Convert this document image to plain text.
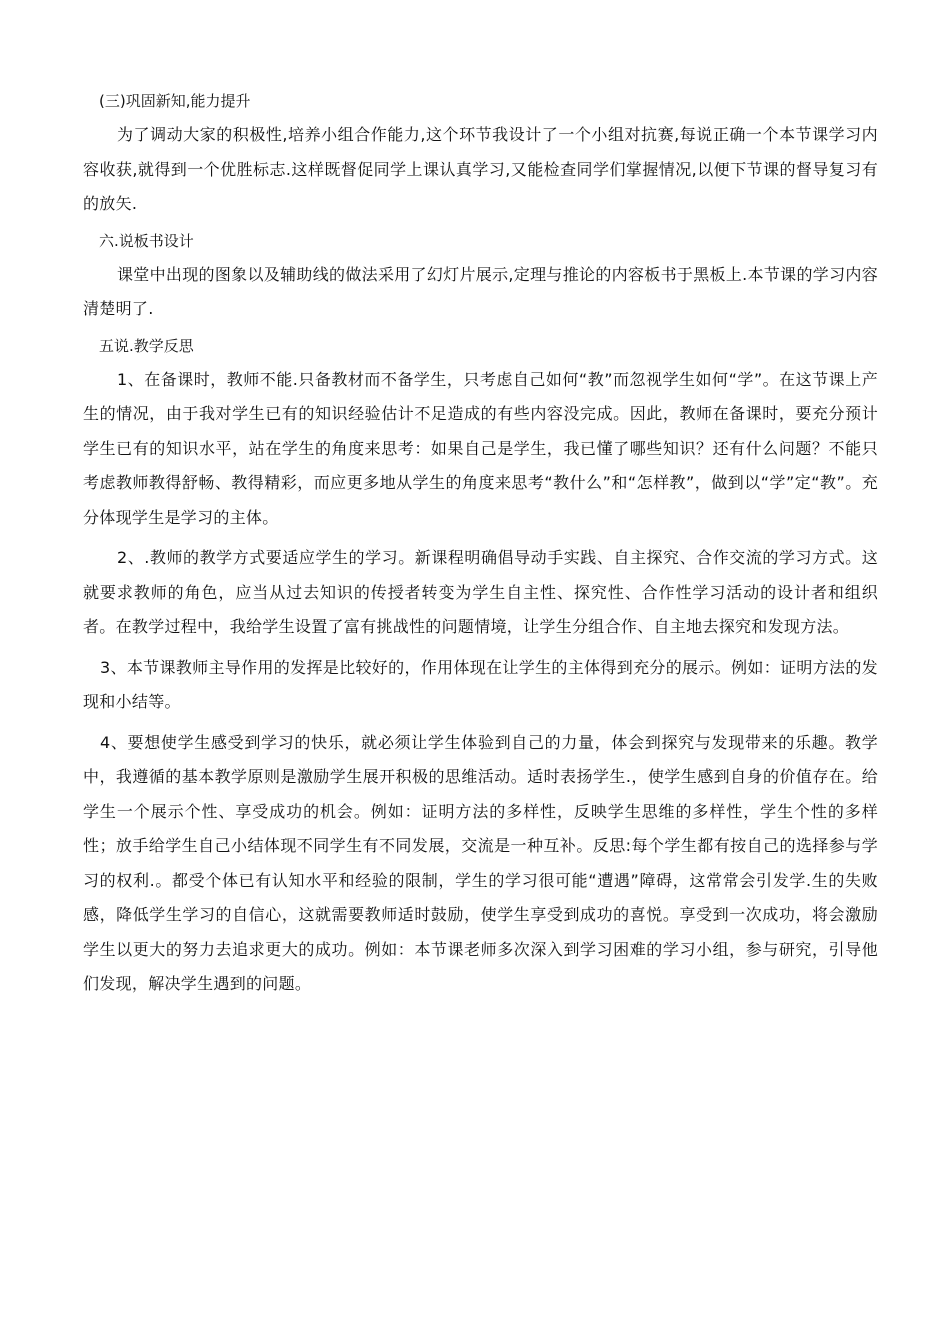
(三)巩固新知,能力提升

为了调动大家的积极性,培养小组合作能力,这个环节我设计了一个小组对抗赛,每说正确一个本节课学习内容收获,就得到一个优胜标志.这样既督促同学上课认真学习,又能检查同学们掌握情况,以便下节课的督导复习有的放矢.

六.说板书设计

课堂中出现的图象以及辅助线的做法采用了幻灯片展示,定理与推论的内容板书于黑板上.本节课的学习内容清楚明了.

五说.教学反思

1、在备课时，教师不能.只备教材而不备学生，只考虑自己如何“教”而忽视学生如何“学”。在这节课上产生的情况，由于我对学生已有的知识经验估计不足造成的有些内容没完成。因此，教师在备课时，要充分预计学生已有的知识水平，站在学生的角度来思考：如果自己是学生，我已懂了哪些知识？还有什么问题？不能只考虑教师教得舒畅、教得精彩，而应更多地从学生的角度来思考“教什么”和“怎样教”，做到以“学”定“教”。充分体现学生是学习的主体。

2、.教师的教学方式要适应学生的学习。新课程明确倡导动手实践、自主探究、合作交流的学习方式。这就要求教师的角色，应当从过去知识的传授者转变为学生自主性、探究性、合作性学习活动的设计者和组织者。在教学过程中，我给学生设置了富有挑战性的问题情境，让学生分组合作、自主地去探究和发现方法。

3、本节课教师主导作用的发挥是比较好的，作用体现在让学生的主体得到充分的展示。例如：证明方法的发现和小结等。

4、要想使学生感受到学习的快乐，就必须让学生体验到自己的力量，体会到探究与发现带来的乐趣。教学中，我遵循的基本教学原则是激励学生展开积极的思维活动。适时表扬学生.，使学生感到自身的价值存在。给学生一个展示个性、享受成功的机会。例如：证明方法的多样性，反映学生思维的多样性，学生个性的多样性；放手给学生自己小结体现不同学生有不同发展，交流是一种互补。反思:每个学生都有按自己的选择参与学习的权利.。都受个体已有认知水平和经验的限制，学生的学习很可能“遭遇”障碍，这常常会引发学.生的失败感，降低学生学习的自信心，这就需要教师适时鼓励，使学生享受到成功的喜悦。享受到一次成功，将会激励学生以更大的努力去追求更大的成功。例如：本节课老师多次深入到学习困难的学习小组，参与研究，引导他们发现，解决学生遇到的问题。
